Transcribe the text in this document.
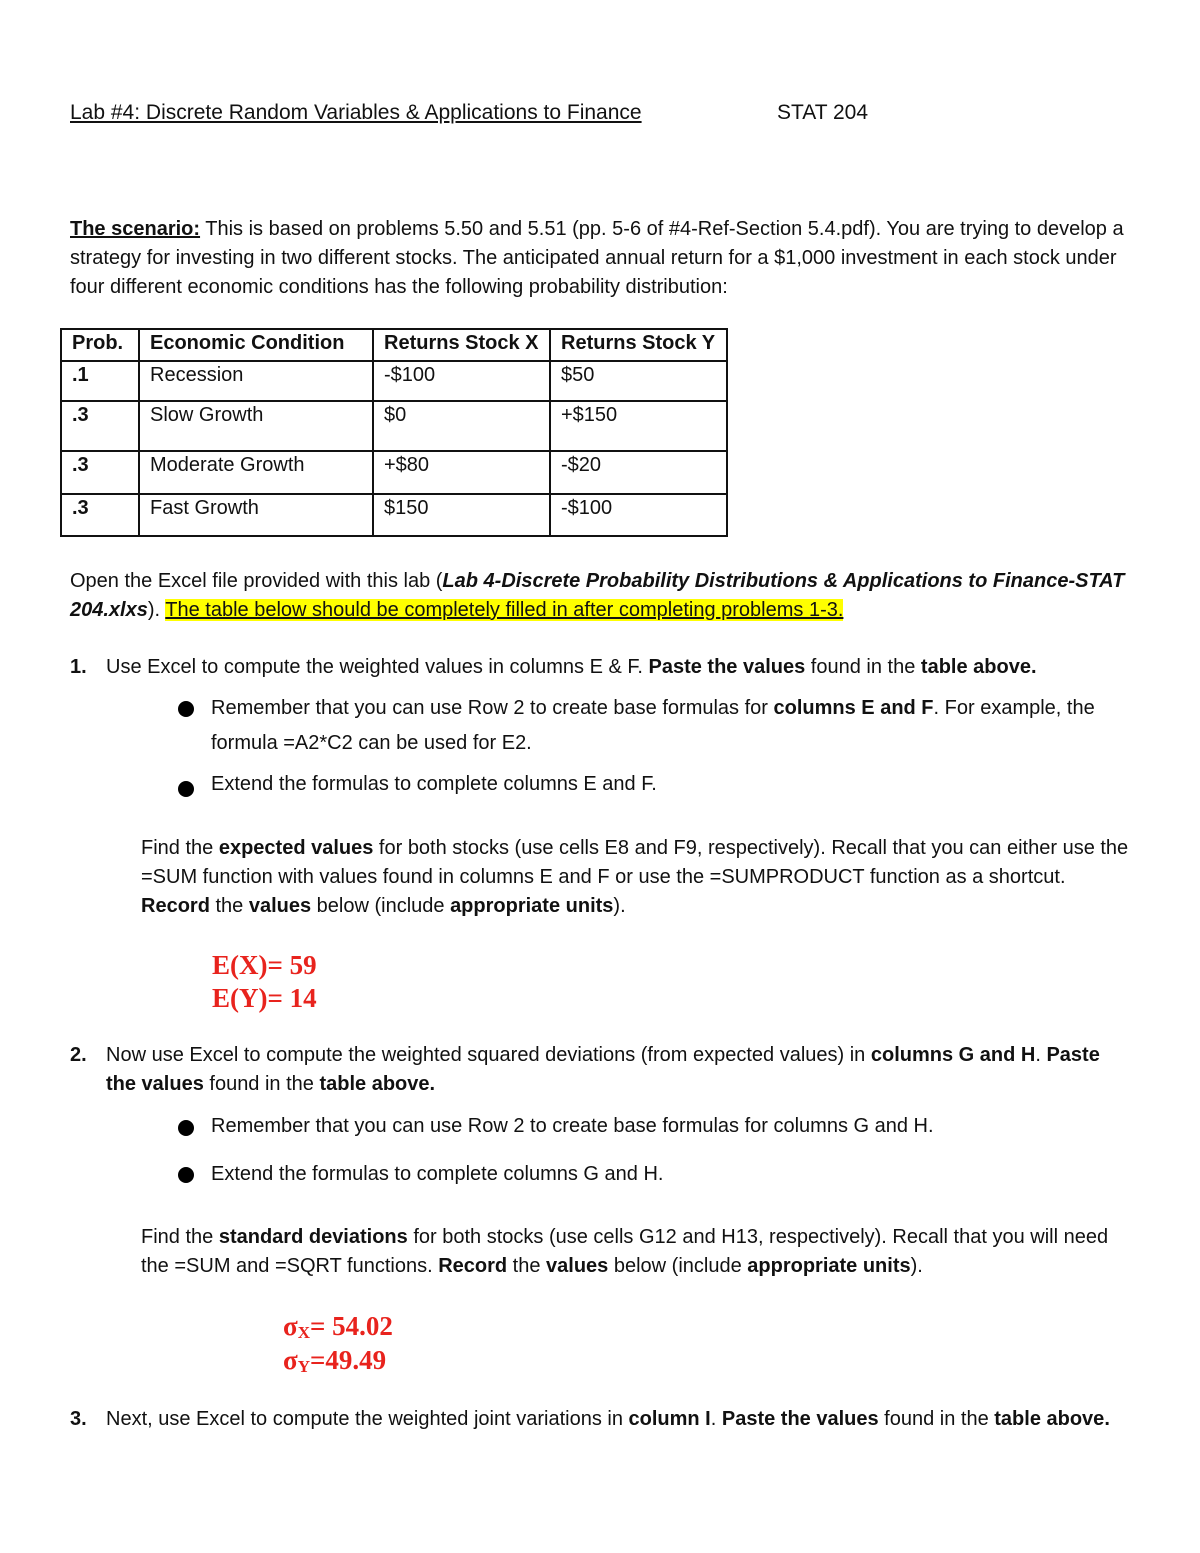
Lab #4: Discrete Random Variables & Applications to Finance	STAT 204
The scenario: This is based on problems 5.50 and 5.51 (pp. 5-6 of #4-Ref-Section 5.4.pdf). You are trying to develop a strategy for investing in two different stocks. The anticipated annual return for a $1,000 investment in each stock under four different economic conditions has the following probability distribution:
Prob.	Economic Condition	Returns Stock X	Returns Stock Y
.1	Recession	-$100	$50
.3	Slow Growth	$0	+$150
.3	Moderate Growth	+$80	-$20
.3	Fast Growth	$150	-$100
Open the Excel file provided with this lab (Lab 4-Discrete Probability Distributions & Applications to Finance-STAT 204.xlxs). The table below should be completely filled in after completing problems 1-3.
1. Use Excel to compute the weighted values in columns E & F. Paste the values found in the table above.
Remember that you can use Row 2 to create base formulas for columns E and F. For example, the formula =A2*C2 can be used for E2.
Extend the formulas to complete columns E and F.
Find the expected values for both stocks (use cells E8 and F9, respectively). Recall that you can either use the =SUM function with values found in columns E and F or use the =SUMPRODUCT function as a shortcut. Record the values below (include appropriate units).
E(X)= 59
E(Y)= 14
2. Now use Excel to compute the weighted squared deviations (from expected values) in columns G and H. Paste the values found in the table above.
Remember that you can use Row 2 to create base formulas for columns G and H.
Extend the formulas to complete columns G and H.
Find the standard deviations for both stocks (use cells G12 and H13, respectively). Recall that you will need the =SUM and =SQRT functions. Record the values below (include appropriate units).
$\sigma_X= 54.02$
$\sigma_Y=49.49$
3. Next, use Excel to compute the weighted joint variations in column I. Paste the values found in the table above.
